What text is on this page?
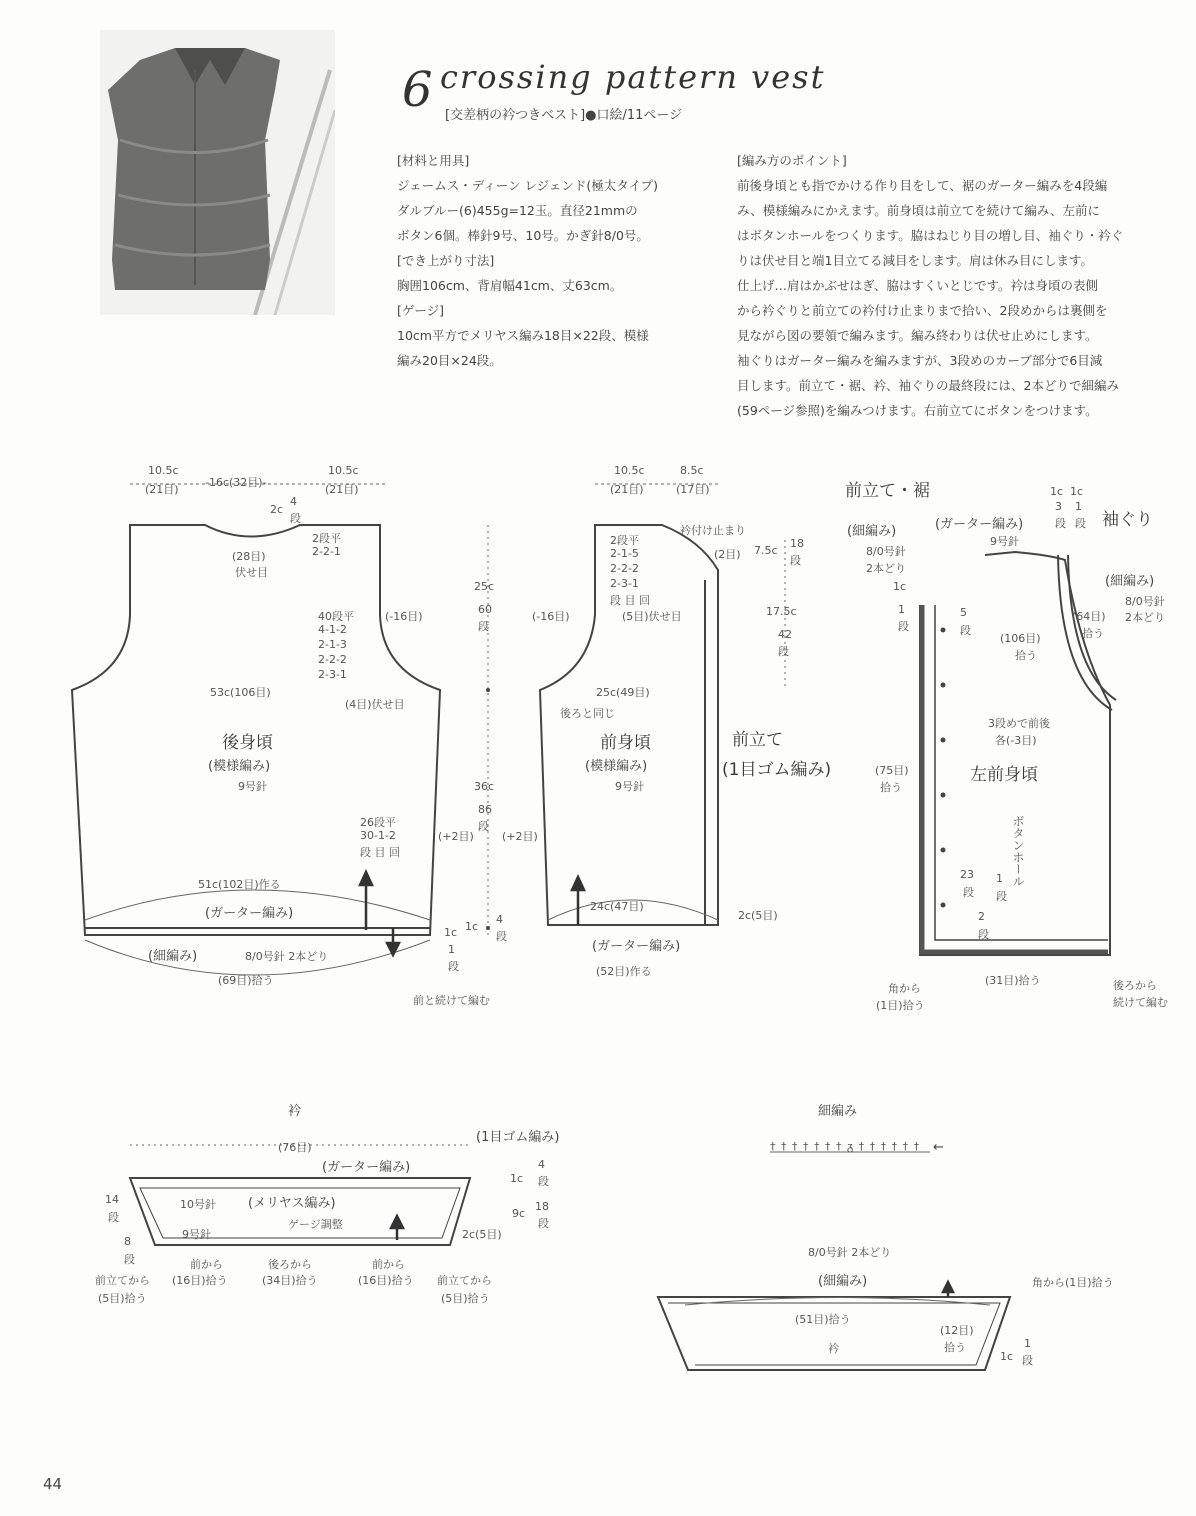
6 crossing pattern vest
[交差柄の衿つきベスト]●口絵/11ページ
[材料と用具]
ジェームス・ディーン レジェンド(極太タイプ)
ダルブルー(6)455g=12玉。直径21mmの
ボタン6個。棒針9号、10号。かぎ針8/0号。
[でき上がり寸法]
胸囲106cm、背肩幅41cm、丈63cm。
[ゲージ]
10cm平方でメリヤス編み18目×22段、模様
編み20目×24段。
[編み方のポイント]
前後身頃とも指でかける作り目をして、裾のガーター編みを4段編
み、模様編みにかえます。前身頃は前立てを続けて編み、左前に
はボタンホールをつくります。脇はねじり目の増し目、袖ぐり・衿ぐ
りは伏せ目と端1目立てる減目をします。肩は休み目にします。
仕上げ…肩はかぶせはぎ、脇はすくいとじです。衿は身頃の表側
から衿ぐりと前立ての衿付け止まりまで拾い、2段めからは裏側を
見ながら図の要領で編みます。編み終わりは伏せ止めにします。
袖ぐりはガーター編みを編みますが、3段めのカーブ部分で6目減
目します。前立て・裾、衿、袖ぐりの最終段には、2本どりで細編み
(59ページ参照)を編みつけます。右前立てにボタンをつけます。
10.5c
(21目)
-16c(32目)-
10.5c
(21目)
2c
4
段
(28目)
伏せ目
2段平
2-2-1
40段平
4-1-2
2-1-3
2-2-2
2-3-1
(-16目)
(4目)伏せ目
53c(106目)
後身頃
(模様編み)
9号針
26段平
30-1-2
段 目 回
(+2目)
51c(102目)作る
(ガーター編み)
(細編み)	8/0号針 2本どり
(69目)拾う
1c
1
段
前と続けて編む
25c
60
段
36c
86
段
1c
4
段
10.5c
(21目)
8.5c
(17目)
2段平
2-1-5
2-2-2
2-3-1
段 目 回
(5目)伏せ目
衿付け止まり
(2目) 7.5c
18
段
17.5c
42
段
(-16目)
25c(49目)
後ろと同じ
前身頃
(模様編み)
9号針
前立て
(1目ゴム編み)
(+2目)
24c(47目)
2c(5目)
(ガーター編み)
(52目)作る
前立て・裾
袖ぐり
(細編み)
8/0号針
2本どり
(ガーター編み)
9号針
1c 1c
3 1
段 段
1c
1
段
5
段
(106目)
拾う
(64目)
拾う
(細編み)
8/0号針
2本どり
3段めで前後
各(-3目)
左前身頃
(75目)
拾う
ボタンホール
23
段
1
段
2
段
角から
(1目)拾う
(31目)拾う	後ろから
続けて編む
衿
(76目)
(1目ゴム編み)
(ガーター編み)
10号針 (メリヤス編み)
ゲージ調整
9号針
14
段
8
段
1c
4
段
9c
18
段
2c(5目)
前立てから
(5目)拾う
前から
(16目)拾う
後ろから
(34目)拾う
前から
(16目)拾う 前立てから
(5目)拾う
細編み
† † † † † † † ᵹ † † † † † † ←
8/0号針 2本どり
(細編み)	角から(1目)拾う
(51目)拾う
(12目)
拾う
衿
1c
1
段
44
